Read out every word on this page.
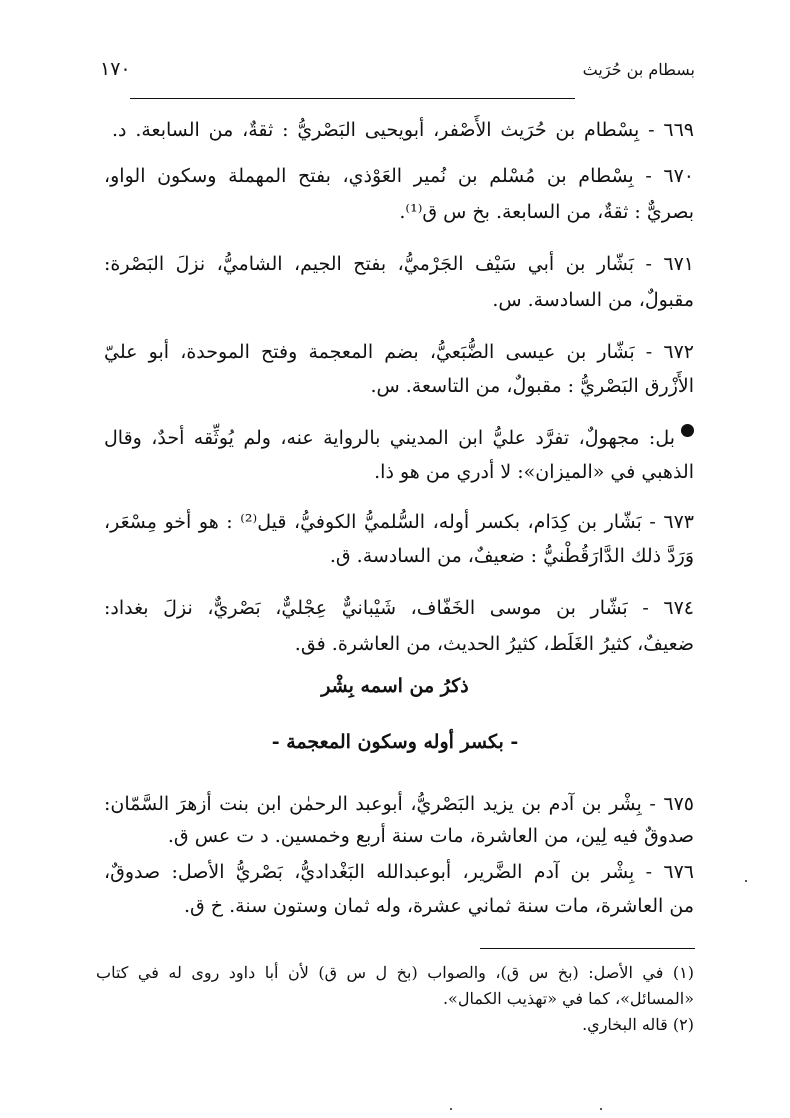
١٧٠	بسطام بن حُرَيث
٦٦٩ - بِسْطام بن حُرَيث الأَصْفر، أبويحيى البَصْريُّ : ثقةٌ، من السابعة. د.
٦٧٠ - بِسْطام بن مُسْلم بن نُمير العَوْذي، بفتح المهملة وسكون الواو،
بصريٌّ : ثقةٌ، من السابعة. بخ س ق⁽¹⁾.
٦٧١ - بَشّار بن أبي سَيْف الجَرْميُّ، بفتح الجيم، الشاميُّ، نزلَ البَصْرة:
مقبولٌ، من السادسة. س.
٦٧٢ - بَشّار بن عيسى الضُّبَعيُّ، بضم المعجمة وفتح الموحدة، أبو عليّ
الأَزْرق البَصْريُّ : مقبولٌ، من التاسعة. س.
بل: مجهولٌ، تفرَّد عليُّ ابن المديني بالرواية عنه، ولم يُوثِّقه أحدٌ، وقال
الذهبي في «الميزان»: لا أدري من هو ذا.
٦٧٣ - بَشّار بن كِدَام، بكسر أوله، السُّلميُّ الكوفيُّ، قيل⁽²⁾ : هو أخو مِسْعَر،
وَرَدَّ ذلك الدَّارَقُطْنيُّ : ضعيفٌ، من السادسة. ق.
٦٧٤ - بَشّار بن موسى الخَفّاف، شَيْبانيٌّ عِجْليٌّ، بَصْريٌّ، نزلَ بغداد:
ضعيفٌ، كثيرُ الغَلَط، كثيرُ الحديث، من العاشرة. فق.
ذكرُ من اسمه بِشْر
- بكسر أوله وسكون المعجمة -
٦٧٥ - بِشْر بن آدم بن يزيد البَصْريُّ، أبوعبد الرحمٰن ابن بنت أزهرَ السَّمّان:
صدوقٌ فيه لِين، من العاشرة، مات سنة أربع وخمسين. د ت عس ق.
٦٧٦ - بِشْر بن آدم الضَّرير، أبوعبدالله البَغْداديُّ، بَصْريُّ الأصل: صدوقٌ،
من العاشرة، مات سنة ثماني عشرة، وله ثمان وستون سنة. خ ق.
(١) في الأصل: (بخ س ق)، والصواب (بخ ل س ق) لأن أبا داود روى له في كتاب
«المسائل»، كما في «تهذيب الكمال».
(٢) قاله البخاري.
